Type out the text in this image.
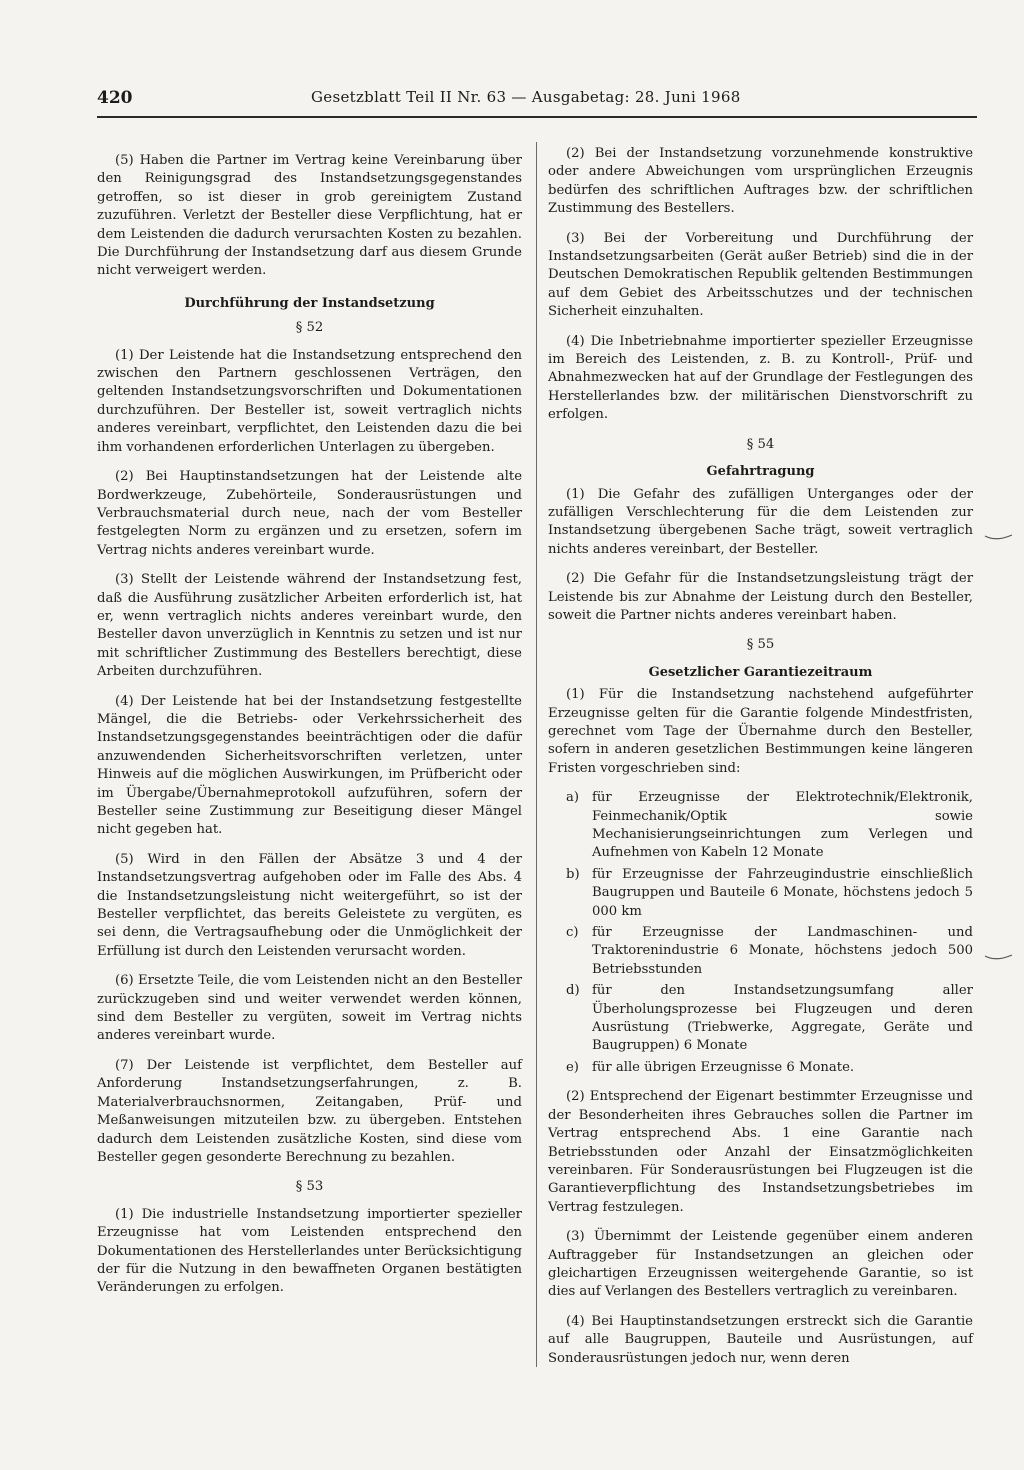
420	Gesetzblatt Teil II Nr. 63 — Ausgabetag: 28. Juni 1968

(5) Haben die Partner im Vertrag keine Vereinbarung über den Reinigungsgrad des Instandsetzungsgegenstandes getroffen, so ist dieser in grob gereinigtem Zustand zuzuführen. Verletzt der Besteller diese Verpflichtung, hat er dem Leistenden die dadurch verursachten Kosten zu bezahlen. Die Durchführung der Instandsetzung darf aus diesem Grunde nicht verweigert werden.

Durchführung der Instandsetzung

§ 52

(1) Der Leistende hat die Instandsetzung entsprechend den zwischen den Partnern geschlossenen Verträgen, den geltenden Instandsetzungsvorschriften und Dokumentationen durchzuführen. Der Besteller ist, soweit vertraglich nichts anderes vereinbart, verpflichtet, den Leistenden dazu die bei ihm vorhandenen erforderlichen Unterlagen zu übergeben.

(2) Bei Hauptinstandsetzungen hat der Leistende alte Bordwerkzeuge, Zubehörteile, Sonderausrüstungen und Verbrauchsmaterial durch neue, nach der vom Besteller festgelegten Norm zu ergänzen und zu ersetzen, sofern im Vertrag nichts anderes vereinbart wurde.

(3) Stellt der Leistende während der Instandsetzung fest, daß die Ausführung zusätzlicher Arbeiten erforderlich ist, hat er, wenn vertraglich nichts anderes vereinbart wurde, den Besteller davon unverzüglich in Kenntnis zu setzen und ist nur mit schriftlicher Zustimmung des Bestellers berechtigt, diese Arbeiten durchzuführen.

(4) Der Leistende hat bei der Instandsetzung festgestellte Mängel, die die Betriebs- oder Verkehrssicherheit des Instandsetzungsgegenstandes beeinträchtigen oder die dafür anzuwendenden Sicherheitsvorschriften verletzen, unter Hinweis auf die möglichen Auswirkungen, im Prüfbericht oder im Übergabe/Übernahmeprotokoll aufzuführen, sofern der Besteller seine Zustimmung zur Beseitigung dieser Mängel nicht gegeben hat.

(5) Wird in den Fällen der Absätze 3 und 4 der Instandsetzungsvertrag aufgehoben oder im Falle des Abs. 4 die Instandsetzungsleistung nicht weitergeführt, so ist der Besteller verpflichtet, das bereits Geleistete zu vergüten, es sei denn, die Vertragsaufhebung oder die Unmöglichkeit der Erfüllung ist durch den Leistenden verursacht worden.

(6) Ersetzte Teile, die vom Leistenden nicht an den Besteller zurückzugeben sind und weiter verwendet werden können, sind dem Besteller zu vergüten, soweit im Vertrag nichts anderes vereinbart wurde.

(7) Der Leistende ist verpflichtet, dem Besteller auf Anforderung Instandsetzungserfahrungen, z. B. Materialverbrauchsnormen, Zeitangaben, Prüf- und Meßanweisungen mitzuteilen bzw. zu übergeben. Entstehen dadurch dem Leistenden zusätzliche Kosten, sind diese vom Besteller gegen gesonderte Berechnung zu bezahlen.

§ 53

(1) Die industrielle Instandsetzung importierter spezieller Erzeugnisse hat vom Leistenden entsprechend den Dokumentationen des Herstellerlandes unter Berücksichtigung der für die Nutzung in den bewaffneten Organen bestätigten Veränderungen zu erfolgen.

(2) Bei der Instandsetzung vorzunehmende konstruktive oder andere Abweichungen vom ursprünglichen Erzeugnis bedürfen des schriftlichen Auftrages bzw. der schriftlichen Zustimmung des Bestellers.

(3) Bei der Vorbereitung und Durchführung der Instandsetzungsarbeiten (Gerät außer Betrieb) sind die in der Deutschen Demokratischen Republik geltenden Bestimmungen auf dem Gebiet des Arbeitsschutzes und der technischen Sicherheit einzuhalten.

(4) Die Inbetriebnahme importierter spezieller Erzeugnisse im Bereich des Leistenden, z. B. zu Kontroll-, Prüf- und Abnahmezwecken hat auf der Grundlage der Festlegungen des Herstellerlandes bzw. der militärischen Dienstvorschrift zu erfolgen.

§ 54

Gefahrtragung

(1) Die Gefahr des zufälligen Unterganges oder der zufälligen Verschlechterung für die dem Leistenden zur Instandsetzung übergebenen Sache trägt, soweit vertraglich nichts anderes vereinbart, der Besteller.

(2) Die Gefahr für die Instandsetzungsleistung trägt der Leistende bis zur Abnahme der Leistung durch den Besteller, soweit die Partner nichts anderes vereinbart haben.

§ 55

Gesetzlicher Garantiezeitraum

(1) Für die Instandsetzung nachstehend aufgeführter Erzeugnisse gelten für die Garantie folgende Mindestfristen, gerechnet vom Tage der Übernahme durch den Besteller, sofern in anderen gesetzlichen Bestimmungen keine längeren Fristen vorgeschrieben sind:

a) für Erzeugnisse der Elektrotechnik/Elektronik, Feinmechanik/Optik sowie Mechanisierungseinrichtungen zum Verlegen und Aufnehmen von Kabeln 12 Monate
b) für Erzeugnisse der Fahrzeugindustrie einschließlich Baugruppen und Bauteile 6 Monate, höchstens jedoch 5 000 km
c)	für Erzeugnisse der Landmaschinen- und Traktorenindustrie 6 Monate, höchstens jedoch 500 Betriebsstunden
d) für den Instandsetzungsumfang aller Überholungsprozesse bei Flugzeugen und deren Ausrüstung (Triebwerke, Aggregate, Geräte und Baugruppen) 6 Monate
e) für alle übrigen Erzeugnisse 6 Monate.

(2) Entsprechend der Eigenart bestimmter Erzeugnisse und der Besonderheiten ihres Gebrauches sollen die Partner im Vertrag entsprechend Abs. 1 eine Garantie nach Betriebsstunden oder Anzahl der Einsatzmöglichkeiten vereinbaren. Für Sonderausrüstungen bei Flugzeugen ist die Garantieverpflichtung des Instandsetzungsbetriebes im Vertrag festzulegen.

(3) Übernimmt der Leistende gegenüber einem anderen Auftraggeber für Instandsetzungen an gleichen oder gleichartigen Erzeugnissen weitergehende Garantie, so ist dies auf Verlangen des Bestellers vertraglich zu vereinbaren.

(4) Bei Hauptinstandsetzungen erstreckt sich die Garantie auf alle Baugruppen, Bauteile und Ausrüstungen, auf Sonderausrüstungen jedoch nur, wenn deren
